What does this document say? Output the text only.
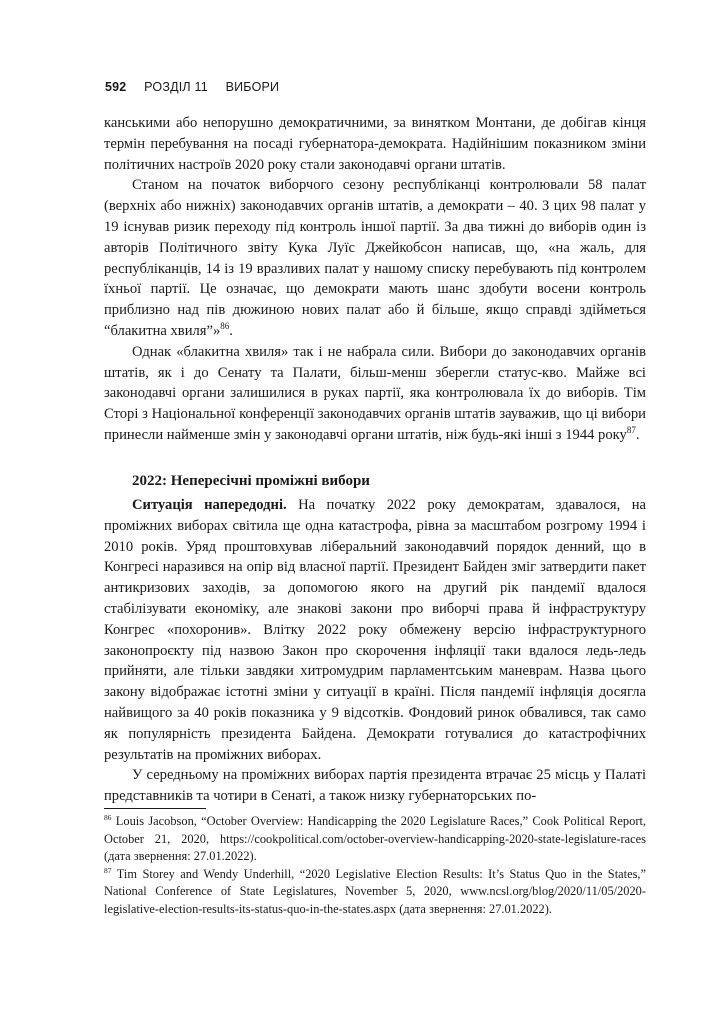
592 РОЗДІЛ 11 ВИБОРИ

канськими або непорушно демократичними, за винятком Монтани, де добігав кінця термін перебування на посаді губернатора-демократа. Надійнішим показником зміни політичних настроїв 2020 року стали законодавчі органи штатів.

Станом на початок виборчого сезону республіканці контролювали 58 палат (верхніх або нижніх) законодавчих органів штатів, а демократи – 40. З цих 98 палат у 19 існував ризик переходу під контроль іншої партії. За два тижні до виборів один із авторів Політичного звіту Кука Луїс Джейкобсон написав, що, «на жаль, для республіканців, 14 із 19 вразливих палат у нашому списку перебувають під контролем їхньої партії. Це означає, що демократи мають шанс здобути восени контроль приблизно над пів дюжиною нових палат або й більше, якщо справді здійметься “блакитна хвиля”»$^{86}$.

Однак «блакитна хвиля» так і не набрала сили. Вибори до законодавчих органів штатів, як і до Сенату та Палати, більш-менш зберегли статус-кво. Майже всі законодавчі органи залишилися в руках партії, яка контролювала їх до виборів. Тім Сторі з Національної конференції законодавчих органів штатів зауважив, що ці вибори принесли найменше змін у законодавчі органи штатів, ніж будь-які інші з 1944 року$^{87}$.

2022: Непересічні проміжні вибори

Ситуація напередодні. На початку 2022 року демократам, здавалося, на проміжних виборах світила ще одна катастрофа, рівна за масштабом розгрому 1994 і 2010 років. Уряд проштовхував ліберальний законодавчий порядок денний, що в Конгресі наразився на опір від власної партії. Президент Байден зміг затвердити пакет антикризових заходів, за допомогою якого на другий рік пандемії вдалося стабілізувати економіку, але знакові закони про виборчі права й інфраструктуру Конгрес «похоронив». Влітку 2022 року обмежену версію інфраструктурного законопроєкту під назвою Закон про скорочення інфляції таки вдалося ледь-ледь прийняти, але тільки завдяки хитромудрим парламентським маневрам. Назва цього закону відображає істотні зміни у ситуації в країні. Після пандемії інфляція досягла найвищого за 40 років показника у 9 відсотків. Фондовий ринок обвалився, так само як популярність президента Байдена. Демократи готувалися до катастрофічних результатів на проміжних виборах.

У середньому на проміжних виборах партія президента втрачає 25 місць у Палаті представників та чотири в Сенаті, а також низку губернаторських по-

$^{86}$ Louis Jacobson, “October Overview: Handicapping the 2020 Legislature Races,” Cook Political Report, October 21, 2020, https://cookpolitical.com/october-overview-handicapping-2020-state-legislature-races (дата звернення: 27.01.2022).

$^{87}$ Tim Storey and Wendy Underhill, “2020 Legislative Election Results: It’s Status Quo in the States,” National Conference of State Legislatures, November 5, 2020, www.ncsl.org/blog/2020/11/05/2020-legislative-election-results-its-status-quo-in-the-states.aspx (дата звернення: 27.01.2022).
